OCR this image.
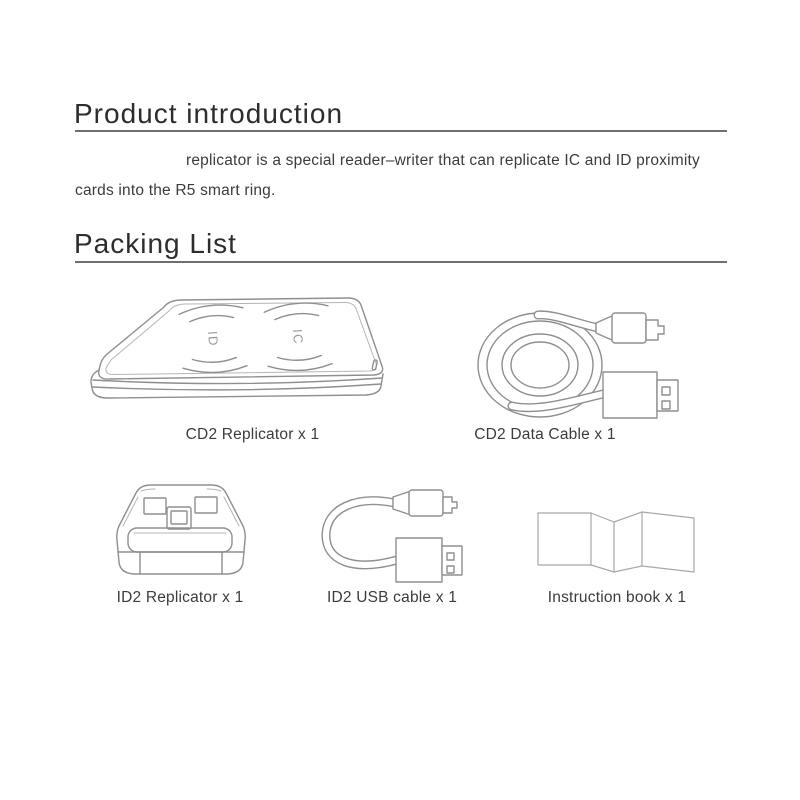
Product introduction
replicator is a special reader–writer that can replicate IC and ID proximity
cards into the R5 smart ring.
Packing List
ID	IC
CD2 Replicator x 1	CD2 Data Cable x 1
ID2 Replicator x 1	ID2 USB cable x 1	Instruction book x 1
